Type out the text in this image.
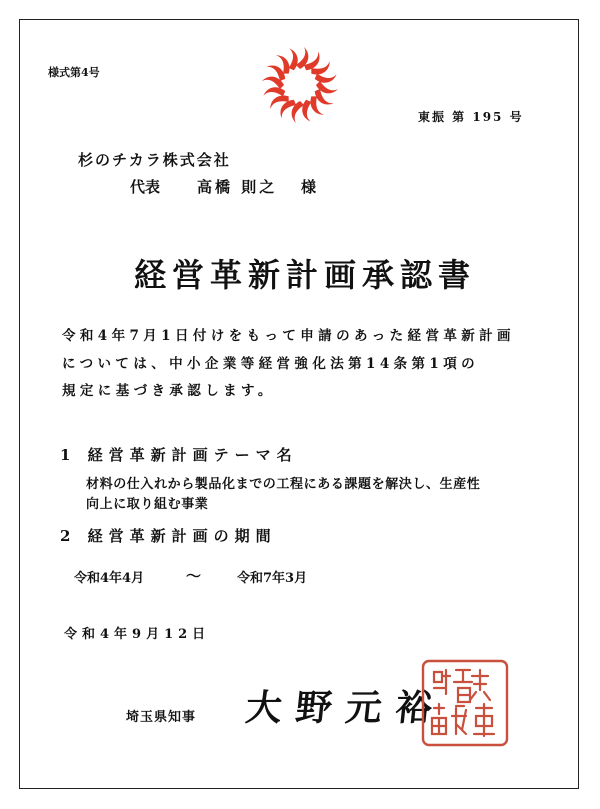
様式第4号
東振 第 195 号
杉のチカラ株式会社
代表 高橋 則之 様
経営革新計画承認書
令和4年7月1日付けをもって申請のあった経営革新計画
については、中小企業等経営強化法第14条第1項の
規定に基づき承認します。
1 経営革新計画テーマ名
材料の仕入れから製品化までの工程にある課題を解決し、生産性
向上に取り組む事業
2 経営革新計画の期間
令和4年4月	〜	令和7年3月
令和4年9月12日
埼玉県知事 大野元裕
